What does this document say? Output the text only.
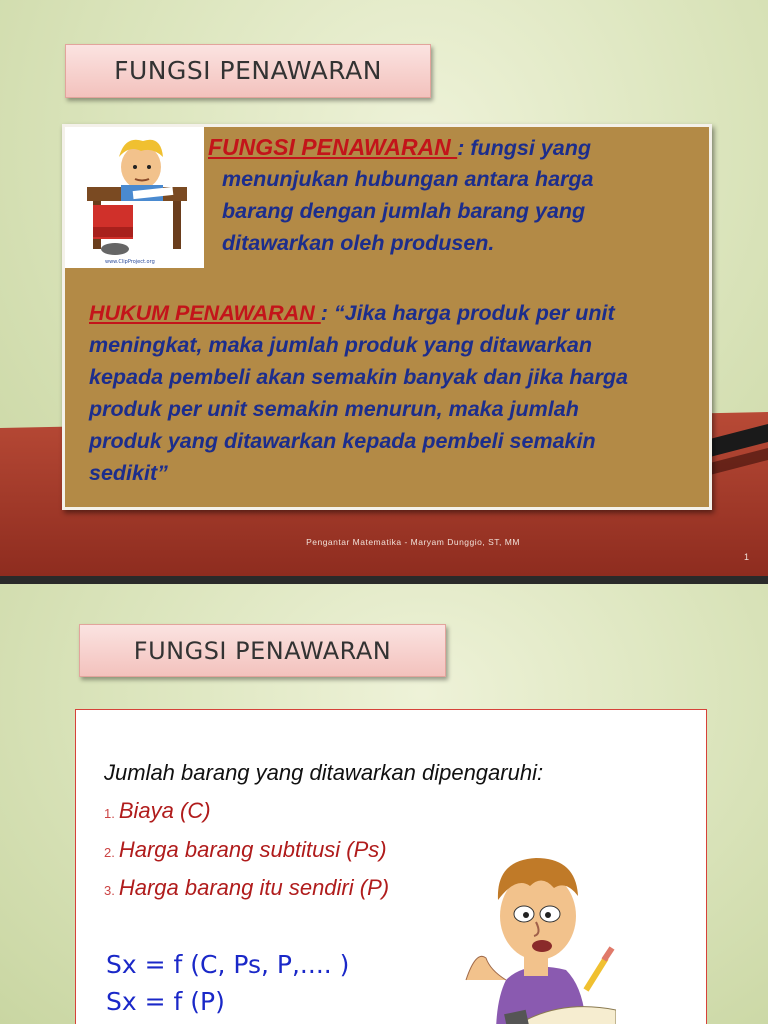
FUNGSI PENAWARAN
www.ClipProject.org
FUNGSI PENAWARAN : fungsi yang
menunjukan hubungan antara harga
barang dengan jumlah barang yang
ditawarkan oleh produsen.
HUKUM PENAWARAN : “Jika harga produk per unit
meningkat, maka jumlah produk yang ditawarkan
kepada pembeli akan semakin banyak dan jika harga
produk per unit semakin menurun, maka jumlah
produk yang ditawarkan kepada pembeli semakin
sedikit”
Pengantar Matematika - Maryam Dunggio, ST, MM
1
FUNGSI PENAWARAN
Jumlah barang yang ditawarkan dipengaruhi:
1. Biaya (C)
2. Harga barang subtitusi (Ps)
3. Harga barang itu sendiri (P)
Sx = f (C, Ps, P,.... )
Sx = f (P)
